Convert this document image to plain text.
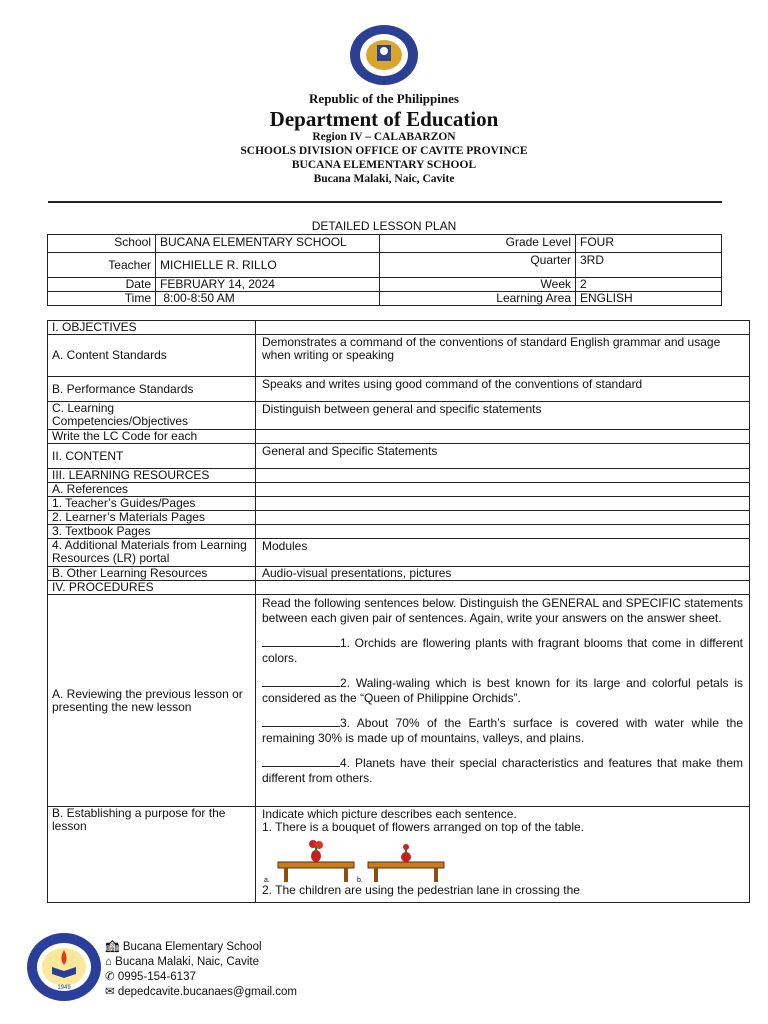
Republic of the Philippines
Department of Education
Region IV – CALABARZON
SCHOOLS DIVISION OFFICE OF CAVITE PROVINCE
BUCANA ELEMENTARY SCHOOL
Bucana Malaki, Naic, Cavite
DETAILED LESSON PLAN
School	BUCANA ELEMENTARY SCHOOL	Grade Level	FOUR
Teacher	MICHIELLE R. RILLO	Quarter	3RD
Date	FEBRUARY 14, 2024	Week	2
Time	8:00-8:50 AM	Learning Area	ENGLISH
I. OBJECTIVES	
A. Content Standards	Demonstrates a command of the conventions of standard English grammar and usage when writing or speaking
B. Performance Standards	Speaks and writes using good command of the conventions of standard
C. Learning Competencies/Objectives	Distinguish between general and specific statements
Write the LC Code for each	
II. CONTENT	General and Specific Statements
III. LEARNING RESOURCES	
A. References	
1. Teacher’s Guides/Pages	
2. Learner’s Materials Pages	
3. Textbook Pages	
4. Additional Materials from Learning Resources (LR) portal	Modules
B. Other Learning Resources	Audio-visual presentations, pictures
IV. PROCEDURES	
A. Reviewing the previous lesson or presenting the new lesson	Read the following sentences below. Distinguish the GENERAL and SPECIFIC statements between each given pair of sentences. Again, write your answers on the answer sheet.

1. Orchids are flowering plants with fragrant blooms that come in different colors.

2. Waling-waling which is best known for its large and colorful petals is considered as the “Queen of Philippine Orchids”.

3. About 70% of the Earth’s surface is covered with water while the remaining 30% is made up of mountains, valleys, and plains.

4. Planets have their special characteristics and features that make them different from others.

B. Establishing a purpose for the lesson	Indicate which picture describes each sentence.
1. There is a bouquet of flowers arranged on top of the table.
a. b.
2. The children are using the pedestrian lane in crossing the
1949
🏫︎ Bucana Elementary School
⌂ Bucana Malaki, Naic, Cavite
✆ 0995-154-6137
✉ depedcavite.bucanaes@gmail.com
